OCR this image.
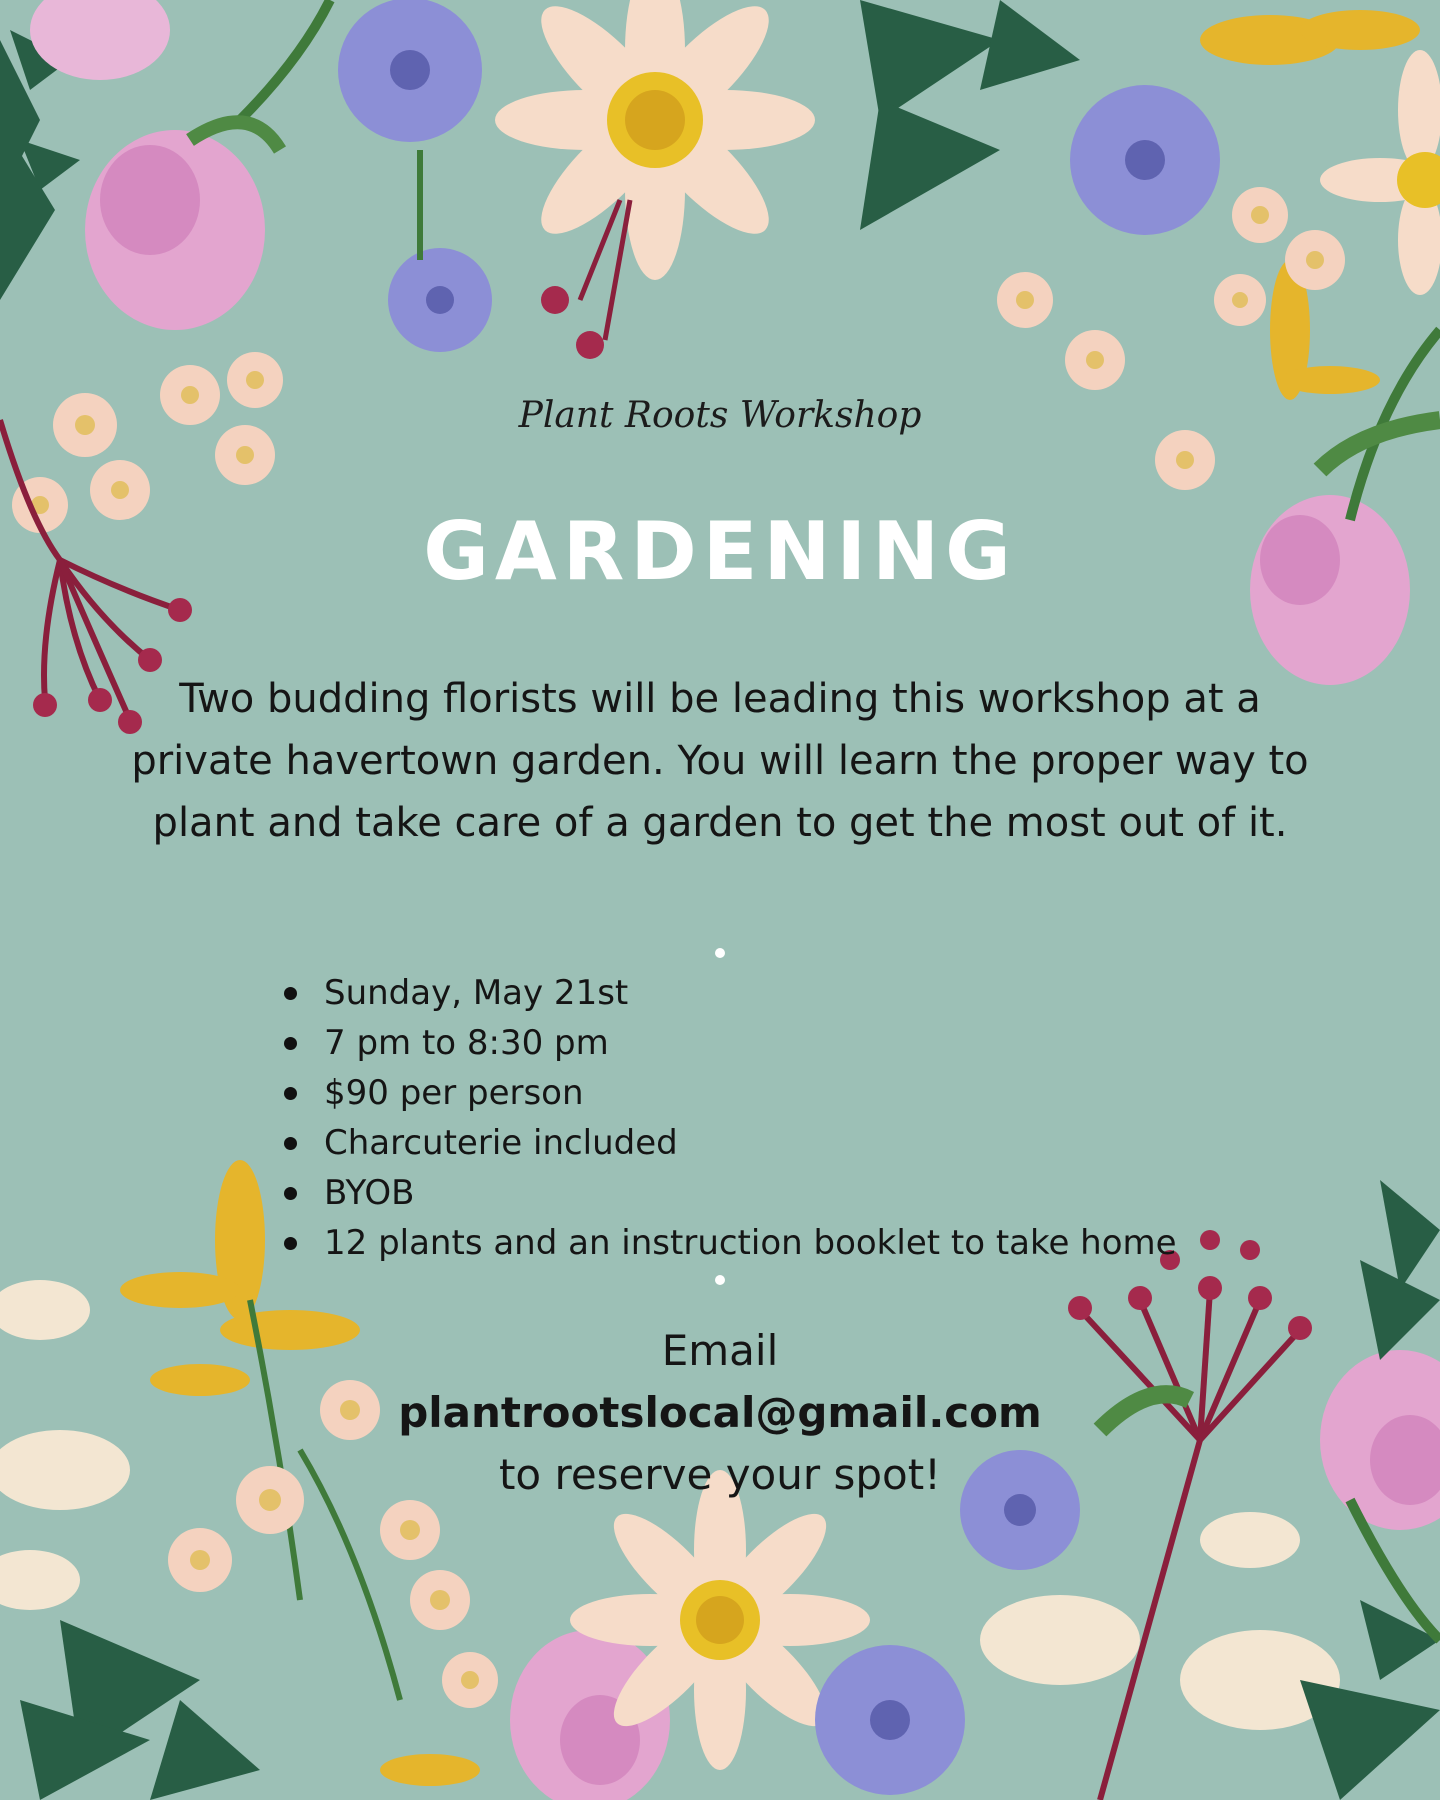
Plant Roots Workshop
GARDENING
Two budding florists will be leading this workshop at a private havertown garden. You will learn the proper way to plant and take care of a garden to get the most out of it.
Sunday, May 21st
7 pm to 8:30 pm
$90 per person
Charcuterie included
BYOB
12 plants and an instruction booklet to take home
Email
plantrootslocal@gmail.com
to reserve your spot!
